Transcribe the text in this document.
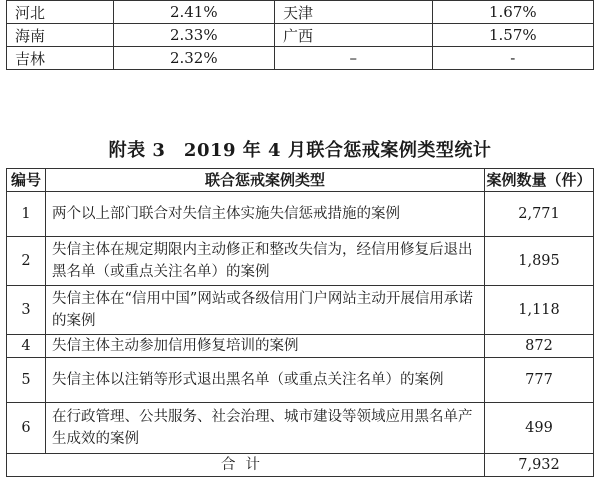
河北	2.41%	天津	1.67%
海南	2.33%	广西	1.57%
吉林	2.32%	–	-
附表 3　2019 年 4 月联合惩戒案例类型统计
编号	联合惩戒案例类型	案例数量（件）
1	两个以上部门联合对失信主体实施失信惩戒措施的案例	2,771
2	失信主体在规定期限内主动修正和整改失信为，经信用修复后退出黑名单（或重点关注名单）的案例	1,895
3	失信主体在“信用中国”网站或各级信用门户网站主动开展信用承诺的案例	1,118
4	失信主体主动参加信用修复培训的案例	872
5	失信主体以注销等形式退出黑名单（或重点关注名单）的案例	777
6	在行政管理、公共服务、社会治理、城市建设等领域应用黑名单产生成效的案例	499
合计		7,932
